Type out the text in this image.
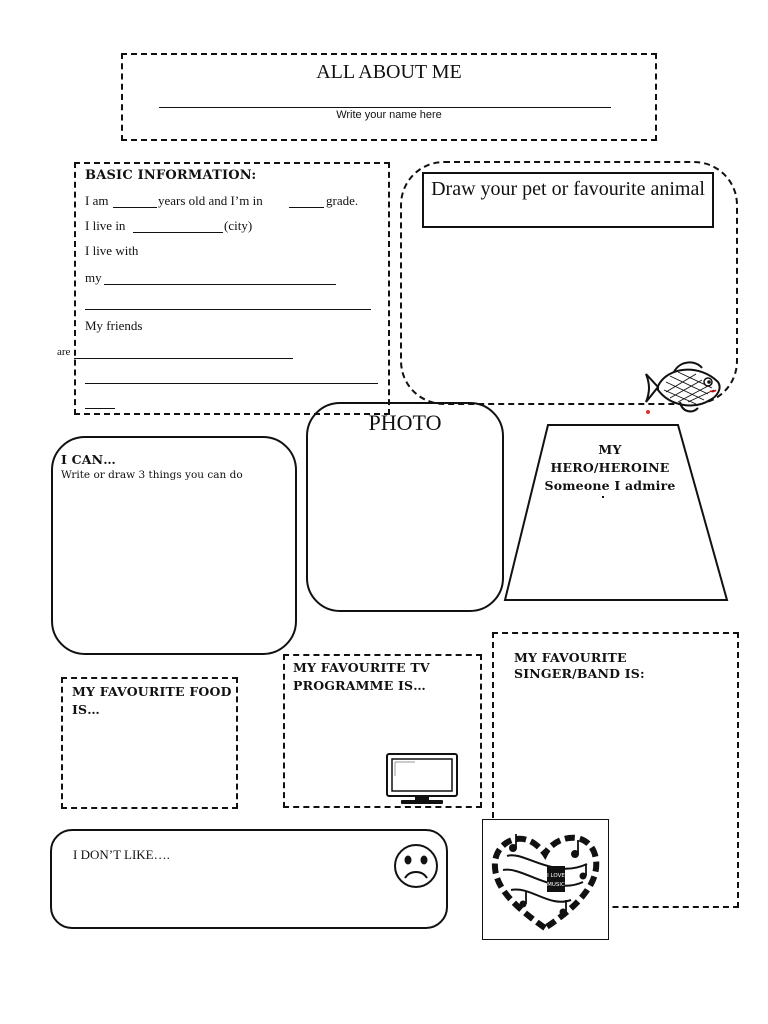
ALL ABOUT ME
Write your name here
BASIC INFORMATION:
I am	years old and I’m in	grade.
I live in	(city)
I live with
my
My friends
are
Draw your pet or favourite animal
I CAN…
Write or draw 3 things you can do
PHOTO
MY
HERO/HEROINE
Someone I admire
MY FAVOURITE FOOD
IS…
MY FAVOURITE TV
PROGRAMME IS…
MY FAVOURITE
SINGER/BAND IS:
I DON’T LIKE….
I LOVE
MUSIC
